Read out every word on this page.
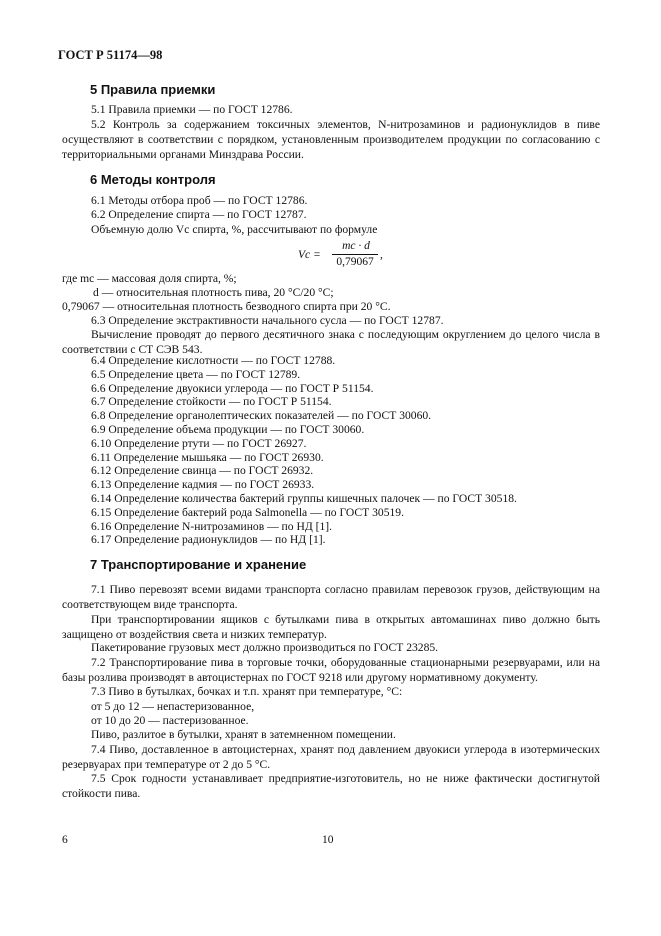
ГОСТ Р 51174—98
5 Правила приемки
5.1 Правила приемки — по ГОСТ 12786.
5.2 Контроль за содержанием токсичных элементов, N-нитрозаминов и радионуклидов в пиве осуществляют в соответствии с порядком, установленным производителем продукции по согласованию с территориальными органами Минздрава России.
6 Методы контроля
6.1 Методы отбора проб — по ГОСТ 12786.
6.2 Определение спирта — по ГОСТ 12787.
Объемную долю Vс спирта, %, рассчитывают по формуле
Vс =
mс · d
0,79067
,
где mс — массовая доля спирта, %;
d — относительная плотность пива, 20 °С/20 °С;
0,79067 — относительная плотность безводного спирта при 20 °С.
6.3 Определение экстрактивности начального сусла — по ГОСТ 12787.
Вычисление проводят до первого десятичного знака с последующим округлением до целого числа в соответствии с СТ СЭВ 543.
6.4 Определение кислотности — по ГОСТ 12788.
6.5 Определение цвета — по ГОСТ 12789.
6.6 Определение двуокиси углерода — по ГОСТ Р 51154.
6.7 Определение стойкости — по ГОСТ Р 51154.
6.8 Определение органолептических показателей — по ГОСТ 30060.
6.9 Определение объема продукции — по ГОСТ 30060.
6.10 Определение ртути — по ГОСТ 26927.
6.11 Определение мышьяка — по ГОСТ 26930.
6.12 Определение свинца — по ГОСТ 26932.
6.13 Определение кадмия — по ГОСТ 26933.
6.14 Определение количества бактерий группы кишечных палочек — по ГОСТ 30518.
6.15 Определение бактерий рода Salmonella — по ГОСТ 30519.
6.16 Определение N-нитрозаминов — по НД [1].
6.17 Определение радионуклидов — по НД [1].
7 Транспортирование и хранение
7.1 Пиво перевозят всеми видами транспорта согласно правилам перевозок грузов, действующим на соответствующем виде транспорта.
При транспортировании ящиков с бутылками пива в открытых автомашинах пиво должно быть защищено от воздействия света и низких температур.
Пакетирование грузовых мест должно производиться по ГОСТ 23285.
7.2 Транспортирование пива в торговые точки, оборудованные стационарными резервуарами, или на базы розлива производят в автоцистернах по ГОСТ 9218 или другому нормативному документу.
7.3 Пиво в бутылках, бочках и т.п. хранят при температуре, °С:
от 5 до 12 — непастеризованное,
от 10 до 20 — пастеризованное.
Пиво, разлитое в бутылки, хранят в затемненном помещении.
7.4 Пиво, доставленное в автоцистернах, хранят под давлением двуокиси углерода в изотермических резервуарах при температуре от 2 до 5 °С.
7.5 Срок годности устанавливает предприятие-изготовитель, но не ниже фактически достигнутой стойкости пива.
6	10
